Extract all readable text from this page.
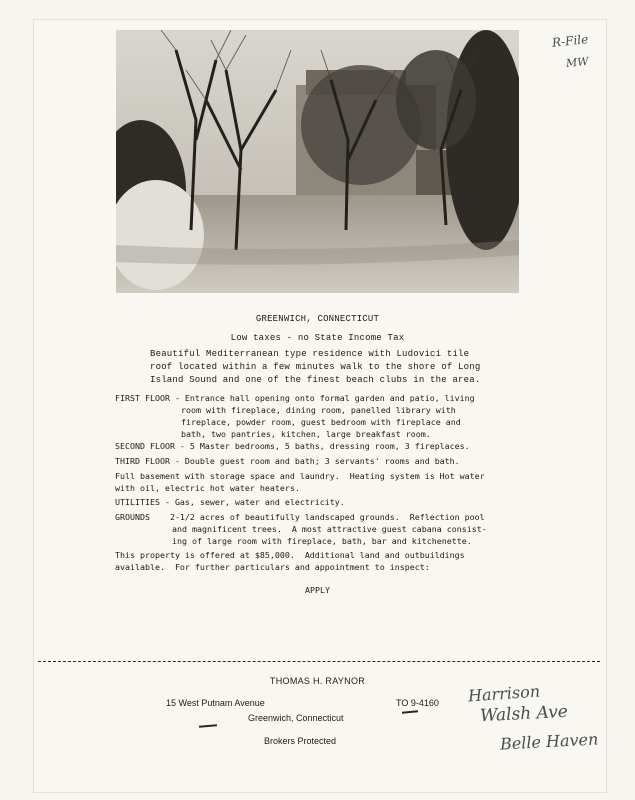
R-File
MW
GREENWICH, CONNECTICUT
Low taxes - no State Income Tax
Beautiful Mediterranean type residence with Ludovici tile
roof located within a few minutes walk to the shore of Long
Island Sound and one of the finest beach clubs in the area.
FIRST FLOOR - Entrance hall opening onto formal garden and patio, living
room with fireplace, dining room, panelled library with
fireplace, powder room, guest bedroom with fireplace and
bath, two pantries, kitchen, large breakfast room.
SECOND FLOOR - 5 Master bedrooms, 5 baths, dressing room, 3 fireplaces.
THIRD FLOOR - Double guest room and bath; 3 servants' rooms and bath.
Full basement with storage space and laundry.  Heating system is Hot water
with oil, electric hot water heaters.
UTILITIES - Gas, sewer, water and electricity.
GROUNDS    2-1/2 acres of beautifully landscaped grounds.  Reflection pool
and magnificent trees.  A most attractive guest cabana consist-
ing of large room with fireplace, bath, bar and kitchenette.
This property is offered at $85,000.  Additional land and outbuildings
available.  For further particulars and appointment to inspect:
APPLY
THOMAS H. RAYNOR
15 West Putnam Avenue	TO 9-4160
Greenwich, Connecticut
Brokers Protected
Harrison
Walsh Ave
Belle Haven
